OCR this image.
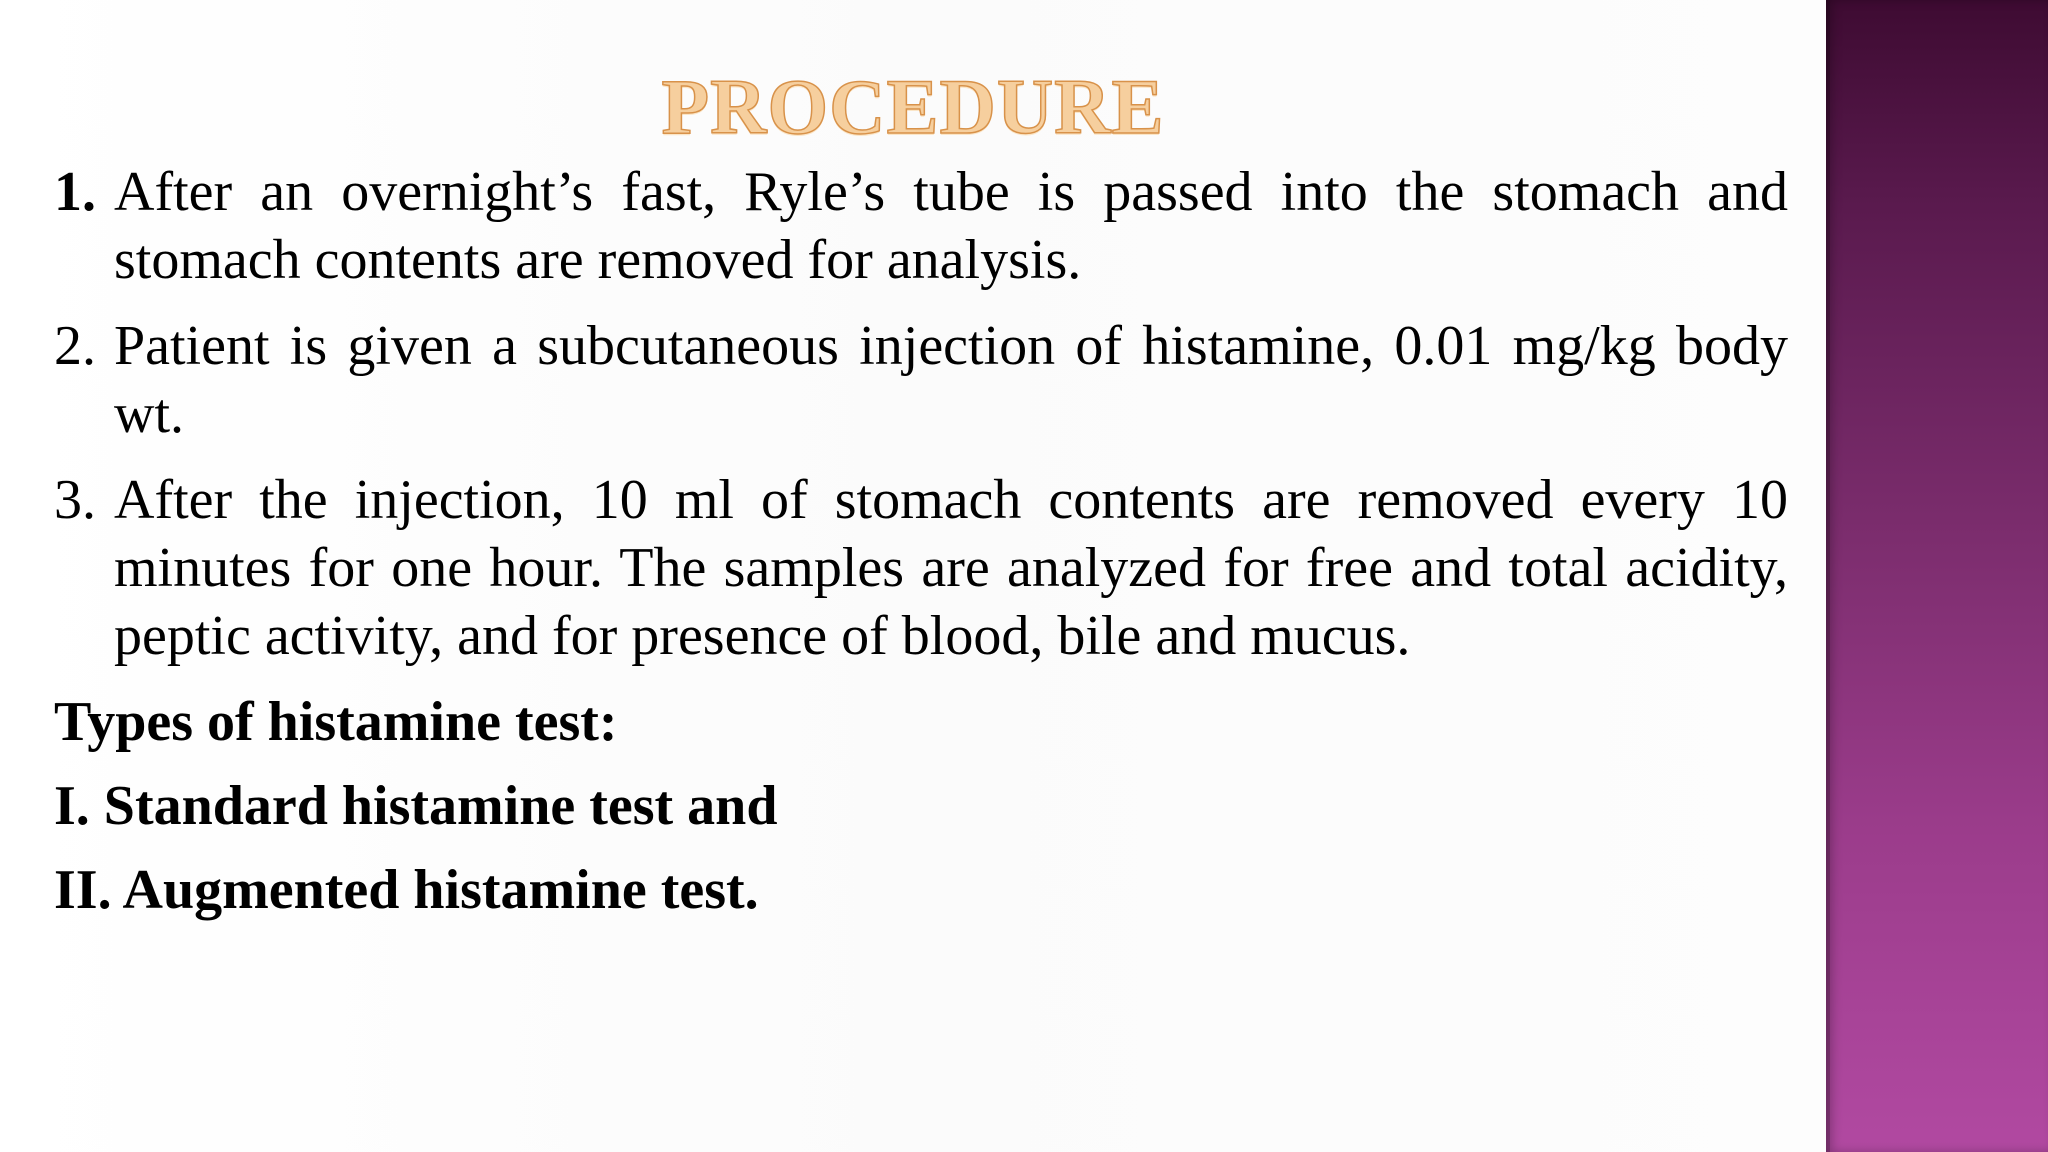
PROCEDURE
1. After an overnight’s fast, Ryle’s tube is passed into the stomach and stomach contents are removed for analysis.
2. Patient is given a subcutaneous injection of histamine, 0.01 mg/kg body wt.
3. After the injection, 10 ml of stomach contents are removed every 10 minutes for one hour. The samples are analyzed for free and total acidity, peptic activity, and for presence of blood, bile and mucus.
Types of histamine test:
I. Standard histamine test and
II. Augmented histamine test.
